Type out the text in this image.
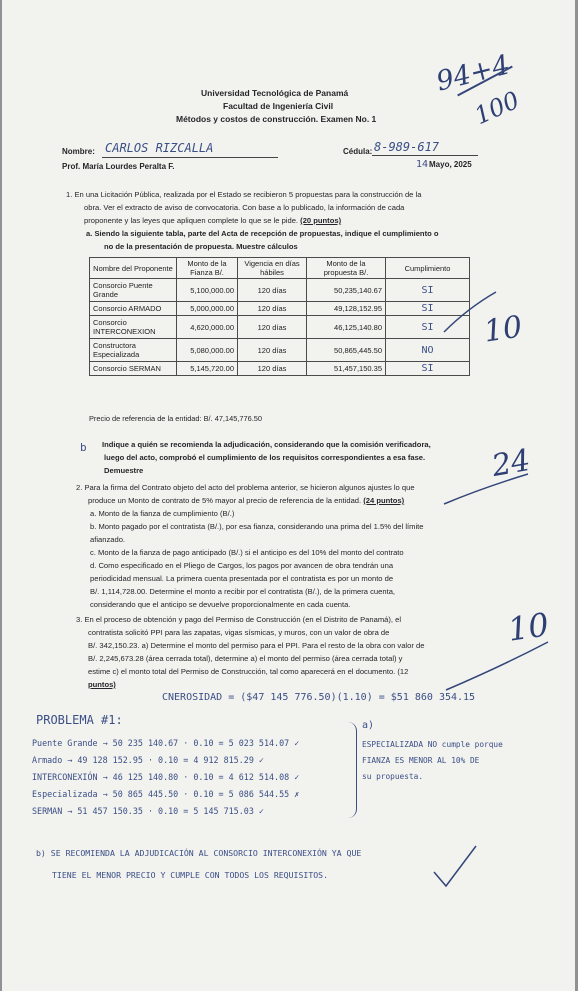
Universidad Tecnológica de Panamá
Facultad de Ingeniería Civil
Métodos y costos de construcción. Examen No. 1
94+4
100
Nombre: CARLOS RIZCALLA	Cédula: 8-989-617
Prof. María Lourdes Peralta F.	14 Mayo, 2025

1. En una Licitación Pública, realizada por el Estado se recibieron 5 propuestas para la construcción de la

obra. Ver el extracto de aviso de convocatoria. Con base a lo publicado, la información de cada

proponente y las leyes que apliquen complete lo que se le pide. (20 puntos)

a. Siendo la siguiente tabla, parte del Acta de recepción de propuestas, indique el cumplimiento o

no de la presentación de propuesta. Muestre cálculos

Nombre del Proponente	Monto de la Fianza B/.	Vigencia en días hábiles	Monto de la propuesta B/.	Cumplimiento
Consorcio Puente Grande	5,100,000.00	120 días	50,235,140.67	SI
Consorcio ARMADO	5,000,000.00	120 días	49,128,152.95	SI
Consorcio INTERCONEXION	4,620,000.00	120 días	46,125,140.80	SI
Constructora Especializada	5,080,000.00	120 días	50,865,445.50	NO
Consorcio SERMAN	5,145,720.00	120 días	51,457,150.35	SI
Precio de referencia de la entidad: B/. 47,145,776.50
b Indique a quién se recomienda la adjudicación, considerando que la comisión verificadora,

luego del acto, comprobó el cumplimiento de los requisitos correspondientes a esa fase.

Demuestre

2. Para la firma del Contrato objeto del acto del problema anterior, se hicieron algunos ajustes lo que

produce un Monto de contrato de 5% mayor al precio de referencia de la entidad. (24 puntos)

a. Monto de la fianza de cumplimiento (B/.)

b. Monto pagado por el contratista (B/.), por esa fianza, considerando una prima del 1.5% del límite

afianzado.

c. Monto de la fianza de pago anticipado (B/.) si el anticipo es del 10% del monto del contrato

d. Como especificado en el Pliego de Cargos, los pagos por avancen de obra tendrán una

periodicidad mensual. La primera cuenta presentada por el contratista es por un monto de

B/. 1,114,728.00. Determine el monto a recibir por el contratista (B/.), de la primera cuenta,

considerando que el anticipo se devuelve proporcionalmente en cada cuenta.

3. En el proceso de obtención y pago del Permiso de Construcción (en el Distrito de Panamá), el

contratista solicitó PPI para las zapatas, vigas sísmicas, y muros, con un valor de obra de

B/. 342,150.23. a) Determine el monto del permiso para el PPI. Para el resto de la obra con valor de

B/. 2,245,673.28 (área cerrada total), determine a) el monto del permiso (área cerrada total) y

estime c) el monto total del Permiso de Construcción, tal como aparecerá en el documento. (12

puntos)

10
24
10
CNEROSIDAD = ($47 145 776.50)(1.10) = $51 860 354.15
PROBLEMA #1:
Puente Grande → 50 235 140.67 · 0.10 = 5 023 514.07 ✓
Armado → 49 128 152.95 · 0.10 = 4 912 815.29 ✓
INTERCONEXIÓN → 46 125 140.80 · 0.10 = 4 612 514.08 ✓
Especializada → 50 865 445.50 · 0.10 = 5 086 544.55 ✗
SERMAN → 51 457 150.35 · 0.10 = 5 145 715.03 ✓
a)
ESPECIALIZADA NO cumple porque
FIANZA ES MENOR AL 10% DE
su propuesta.
b) SE RECOMIENDA LA ADJUDICACIÓN AL CONSORCIO INTERCONEXIÓN YA QUE
TIENE EL MENOR PRECIO Y CUMPLE CON TODOS LOS REQUISITOS.
